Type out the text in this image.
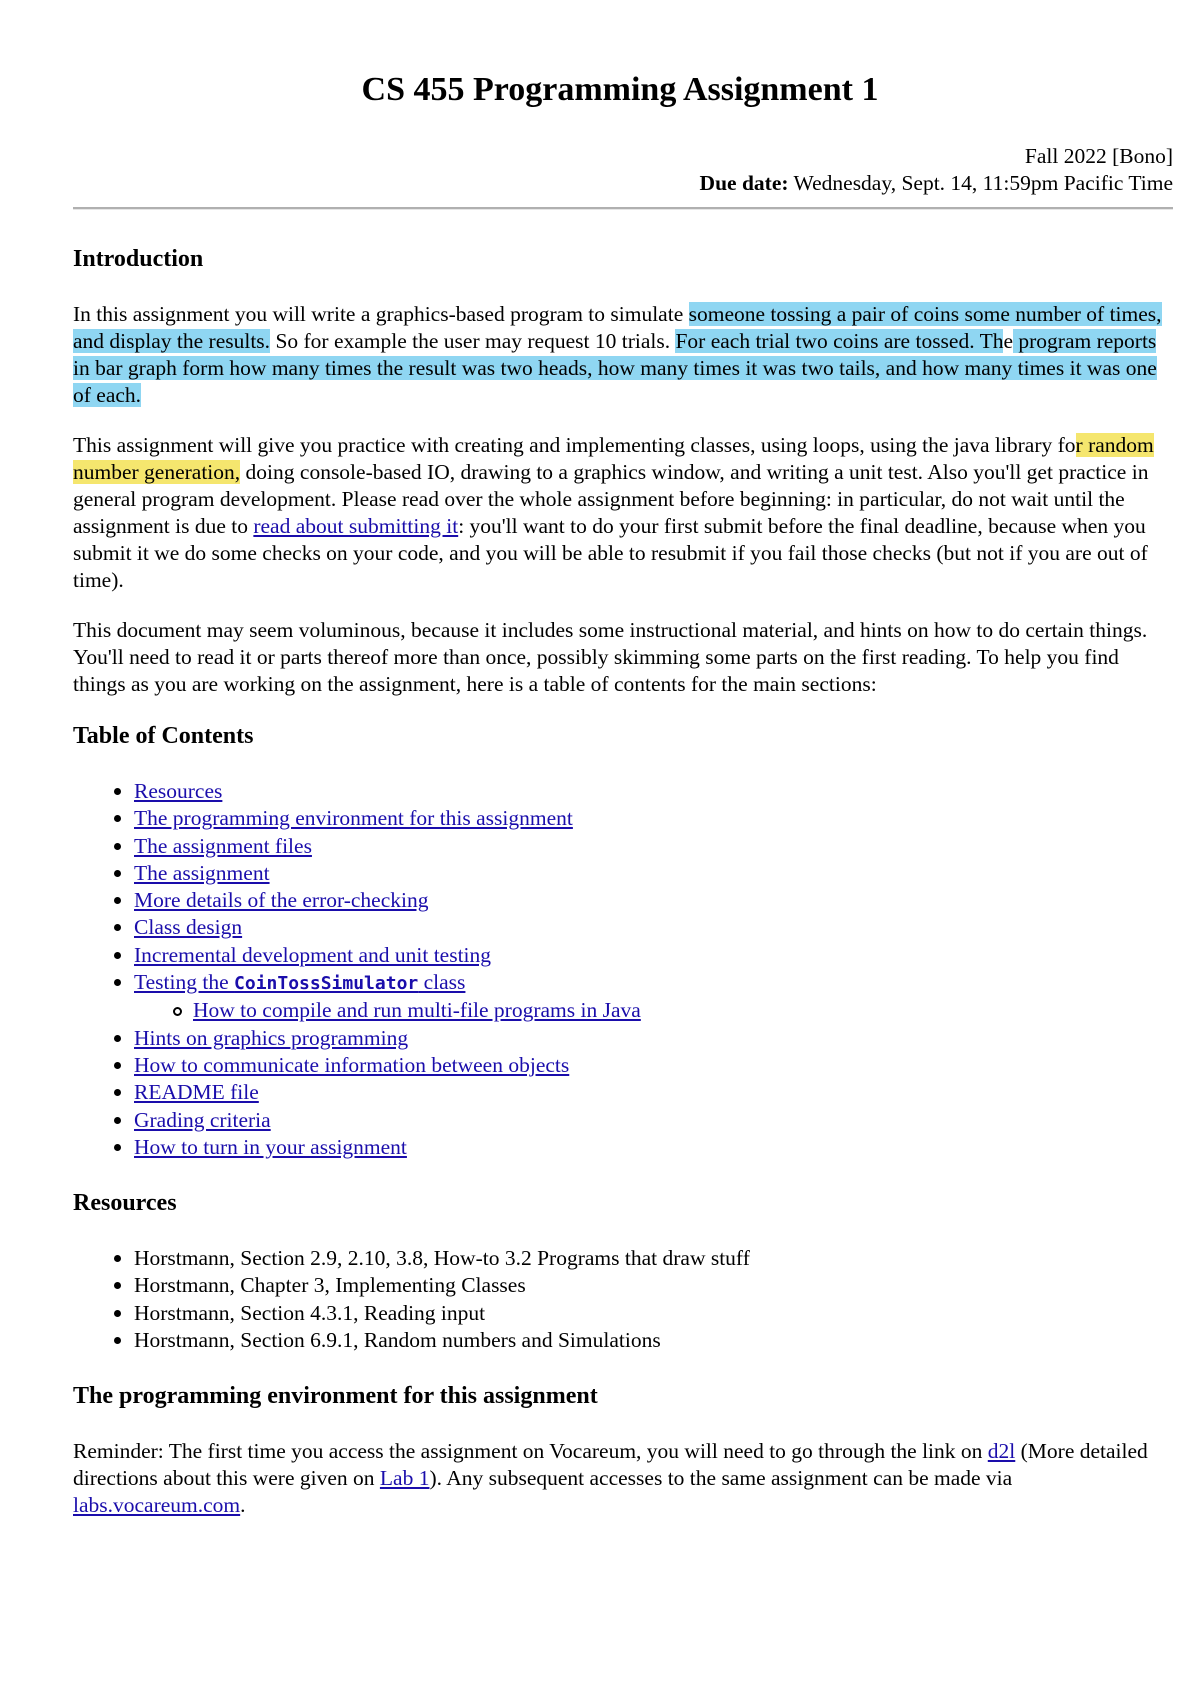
CS 455 Programming Assignment 1
Fall 2022 [Bono]
Due date: Wednesday, Sept. 14, 11:59pm Pacific Time
Introduction

In this assignment you will write a graphics-based program to simulate someone tossing a pair of coins some number of times, and display the results. So for example the user may request 10 trials. For each trial two coins are tossed. The program reports in bar graph form how many times the result was two heads, how many times it was two tails, and how many times it was one of each.

This assignment will give you practice with creating and implementing classes, using loops, using the java library for random number generation, doing console-based IO, drawing to a graphics window, and writing a unit test. Also you'll get practice in general program development. Please read over the whole assignment before beginning: in particular, do not wait until the assignment is due to read about submitting it: you'll want to do your first submit before the final deadline, because when you submit it we do some checks on your code, and you will be able to resubmit if you fail those checks (but not if you are out of time).

This document may seem voluminous, because it includes some instructional material, and hints on how to do certain things. You'll need to read it or parts thereof more than once, possibly skimming some parts on the first reading. To help you find things as you are working on the assignment, here is a table of contents for the main sections:

Table of Contents
Resources
The programming environment for this assignment
The assignment files
The assignment
More details of the error-checking
Class design
Incremental development and unit testing
Testing the CoinTossSimulator class
How to compile and run multi-file programs in Java
Hints on graphics programming
How to communicate information between objects
README file
Grading criteria
How to turn in your assignment
Resources
Horstmann, Section 2.9, 2.10, 3.8, How-to 3.2 Programs that draw stuff
Horstmann, Chapter 3, Implementing Classes
Horstmann, Section 4.3.1, Reading input
Horstmann, Section 6.9.1, Random numbers and Simulations
The programming environment for this assignment

Reminder: The first time you access the assignment on Vocareum, you will need to go through the link on d2l (More detailed directions about this were given on Lab 1). Any subsequent accesses to the same assignment can be made via labs.vocareum.com.
